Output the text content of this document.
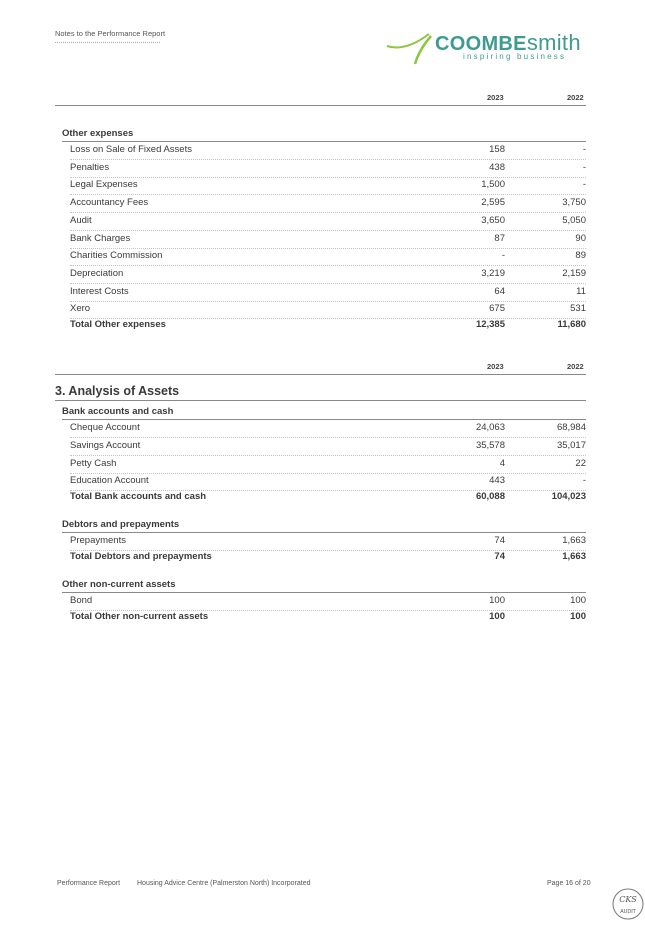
Notes to the Performance Report	COOMBEsmith
inspiring business
2023	2022
Other expenses
Loss on Sale of Fixed Assets	158	-
Penalties	438	-
Legal Expenses	1,500	-
Accountancy Fees	2,595	3,750
Audit	3,650	5,050
Bank Charges	87	90
Charities Commission	-	89
Depreciation	3,219	2,159
Interest Costs	64	11
Xero	675	531
Total Other expenses	12,385	11,680
2023	2022
3. Analysis of Assets
Bank accounts and cash
Cheque Account	24,063	68,984
Savings Account	35,578	35,017
Petty Cash	4	22
Education Account	443	-
Total Bank accounts and cash	60,088	104,023
Debtors and prepayments
Prepayments	74	1,663
Total Debtors and prepayments	74	1,663
Other non-current assets
Bond	100	100
Total Other non-current assets	100	100
Performance Report Housing Advice Centre (Palmerston North) Incorporated	Page 16 of 20
CKS
AUDIT
